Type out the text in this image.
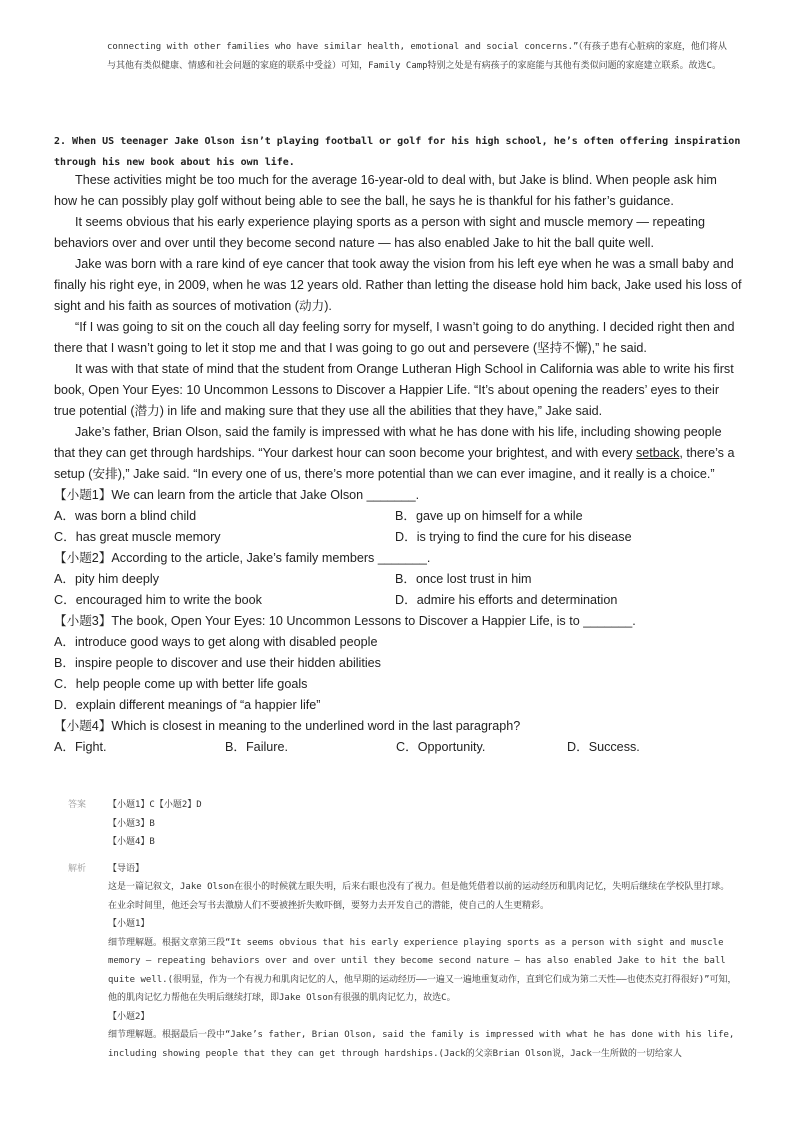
connecting with other families who have similar health, emotional and social concerns.”（有孩子患有心脏病的家庭，他们将从与其他有类似健康、情感和社会问题的家庭的联系中受益）可知，Family Camp特别之处是有病孩子的家庭能与其他有类似问题的家庭建立联系。故选C。
2. When US teenager Jake Olson isn’t playing football or golf for his high school, he’s often offering inspiration through his new book about his own life.

These activities might be too much for the average 16-year-old to deal with, but Jake is blind. When people ask him how he can possibly play golf without being able to see the ball, he says he is thankful for his father’s guidance.

It seems obvious that his early experience playing sports as a person with sight and muscle memory — repeating behaviors over and over until they become second nature — has also enabled Jake to hit the ball quite well.

Jake was born with a rare kind of eye cancer that took away the vision from his left eye when he was a small baby and finally his right eye, in 2009, when he was 12 years old. Rather than letting the disease hold him back, Jake used his loss of sight and his faith as sources of motivation (动力).

“If I was going to sit on the couch all day feeling sorry for myself, I wasn’t going to do anything. I decided right then and there that I wasn’t going to let it stop me and that I was going to go out and persevere (坚持不懈),” he said.

It was with that state of mind that the student from Orange Lutheran High School in California was able to write his first book, Open Your Eyes: 10 Uncommon Lessons to Discover a Happier Life. “It’s about opening the readers’ eyes to their true potential (潜力) in life and making sure that they use all the abilities that they have,” Jake said.

Jake’s father, Brian Olson, said the family is impressed with what he has done with his life, including showing people that they can get through hardships. “Your darkest hour can soon become your brightest, and with every setback, there’s a setup (安排),” Jake said. “In every one of us, there’s more potential than we can ever imagine, and it really is a choice.”

【小题1】We can learn from the article that Jake Olson _______.

A．was born a blind child	B．gave up on himself for a while
C．has great muscle memory	D．is trying to find the cure for his disease

【小题2】According to the article, Jake’s family members _______.

A．pity him deeply	B．once lost trust in him
C．encouraged him to write the book	D．admire his efforts and determination

【小题3】The book, Open Your Eyes: 10 Uncommon Lessons to Discover a Happier Life, is to _______.

A．introduce good ways to get along with disabled people
B．inspire people to discover and use their hidden abilities
C．help people come up with better life goals
D．explain different meanings of “a happier life”

【小题4】Which is closest in meaning to the underlined word in the last paragraph?

A．Fight.	B．Failure.	C．Opportunity.	D．Success.
答案 【小题1】C【小题2】D
【小题3】B
【小题4】B
解析 【导语】
这是一篇记叙文，Jake Olson在很小的时候就左眼失明，后来右眼也没有了视力。但是他凭借着以前的运动经历和肌肉记忆，失明后继续在学校队里打球。在业余时间里，他还会写书去激励人们不要被挫折失败吓倒，要努力去开发自己的潜能，使自己的人生更精彩。
【小题1】
细节理解题。根据文章第三段“It seems obvious that his early experience playing sports as a person with sight and muscle memory — repeating behaviors over and over until they become second nature — has also enabled Jake to hit the ball quite well.(很明显，作为一个有视力和肌肉记忆的人，他早期的运动经历——一遍又一遍地重复动作，直到它们成为第二天性——也使杰克打得很好)”可知，他的肌肉记忆力帮他在失明后继续打球，即Jake Olson有很强的肌肉记忆力，故选C。
【小题2】
细节理解题。根据最后一段中“Jake’s father, Brian Olson, said the family is impressed with what he has done with his life, including showing people that they can get through hardships.(Jack的父亲Brian Olson说，Jack一生所做的一切给家人
